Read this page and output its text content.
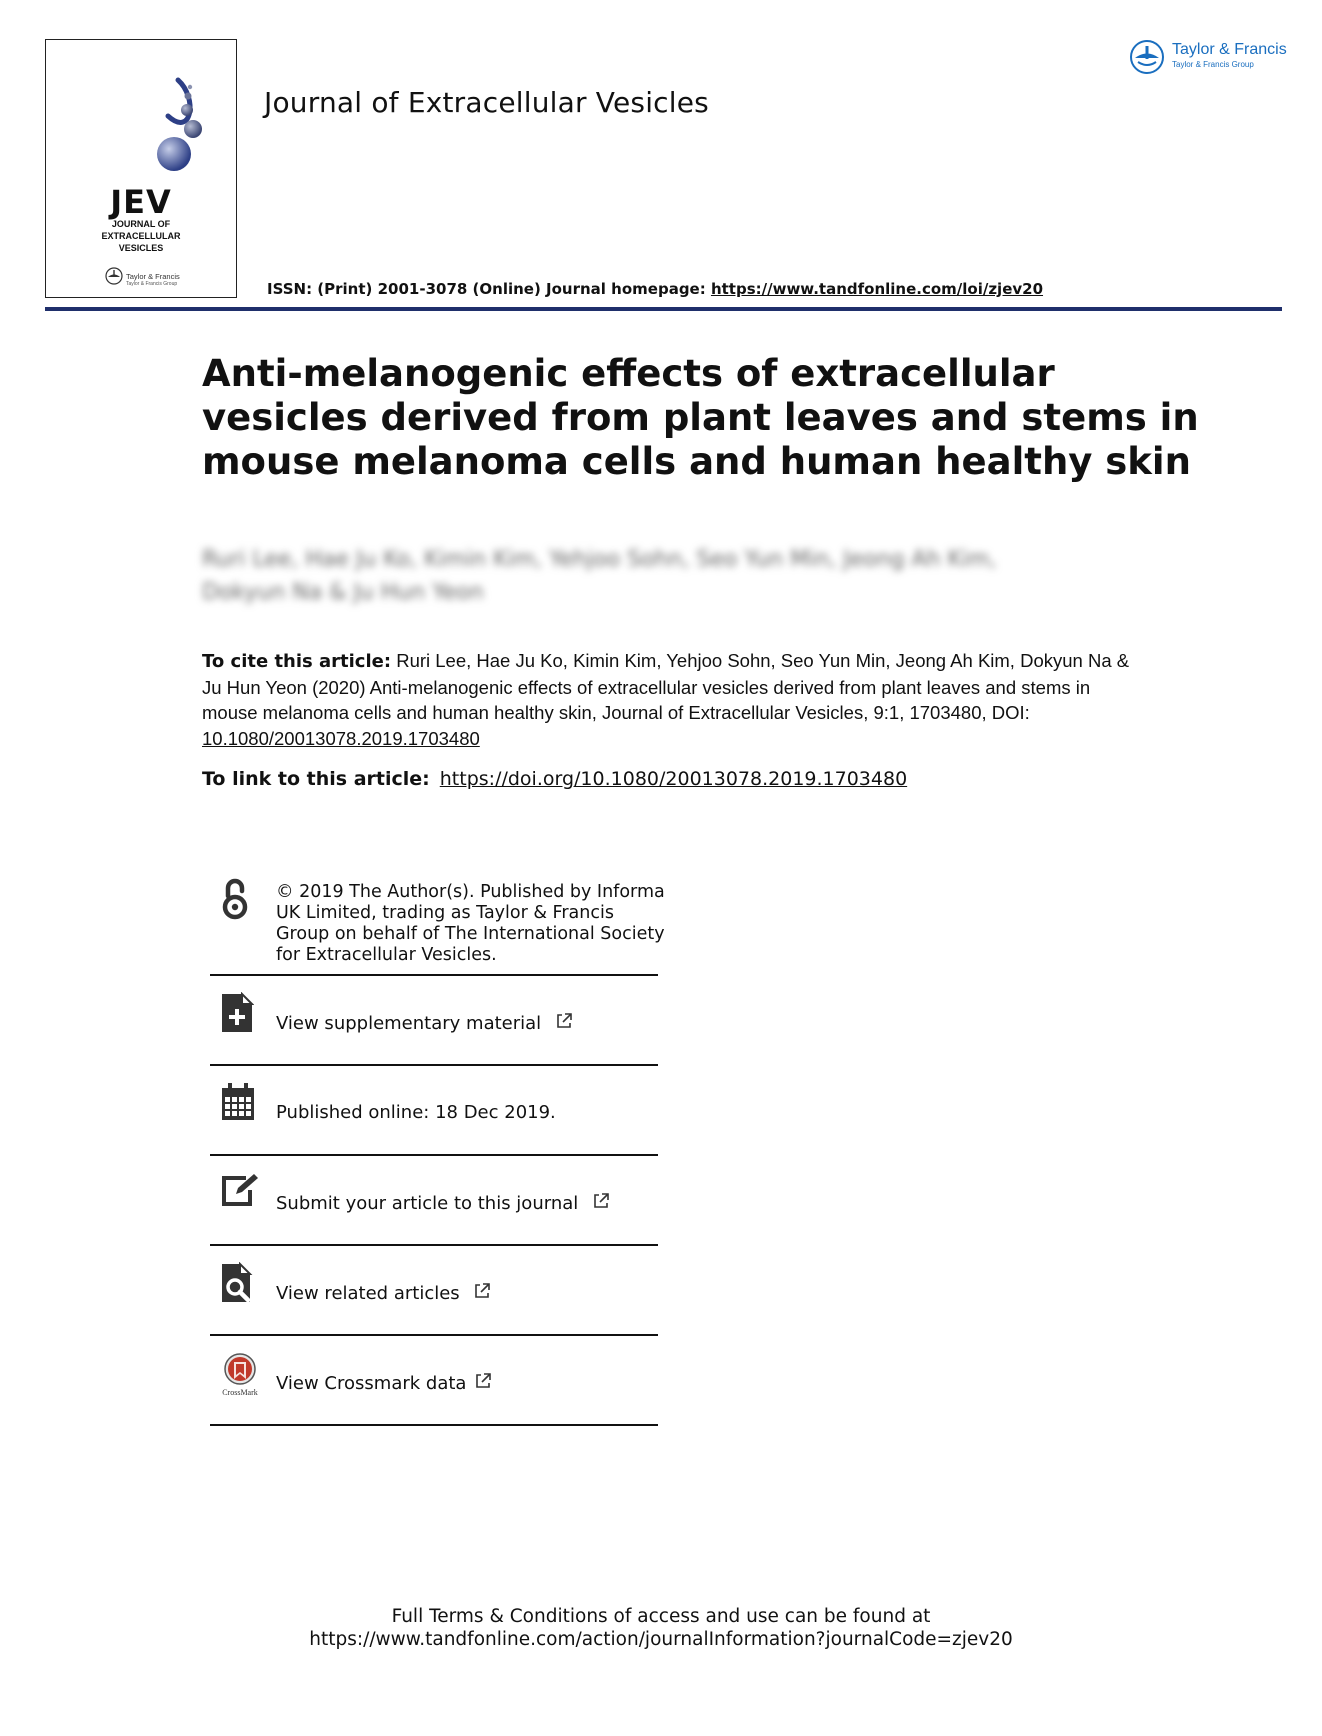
JEV
JOURNAL OF
EXTRACELLULAR
VESICLES
Taylor & Francis
Taylor & Francis Group
Journal of Extracellular Vesicles
ISSN: (Print) 2001-3078 (Online) Journal homepage: https://www.tandfonline.com/loi/zjev20
Taylor & Francis
Taylor & Francis Group
Anti-melanogenic effects of extracellular vesicles derived from plant leaves and stems in mouse melanoma cells and human healthy skin
Ruri Lee, Hae Ju Ko, Kimin Kim, Yehjoo Sohn, Seo Yun Min, Jeong Ah Kim, Dokyun Na & Ju Hun Yeon
To cite this article: Ruri Lee, Hae Ju Ko, Kimin Kim, Yehjoo Sohn, Seo Yun Min, Jeong Ah Kim, Dokyun Na & Ju Hun Yeon (2020) Anti-melanogenic effects of extracellular vesicles derived from plant leaves and stems in mouse melanoma cells and human healthy skin, Journal of Extracellular Vesicles, 9:1, 1703480, DOI: 10.1080/20013078.2019.1703480
To link to this article: https://doi.org/10.1080/20013078.2019.1703480
© 2019 The Author(s). Published by Informa UK Limited, trading as Taylor & Francis Group on behalf of The International Society for Extracellular Vesicles.
View supplementary material
Published online: 18 Dec 2019.
Submit your article to this journal
View related articles
CrossMark View Crossmark data
Full Terms & Conditions of access and use can be found at
https://www.tandfonline.com/action/journalInformation?journalCode=zjev20
